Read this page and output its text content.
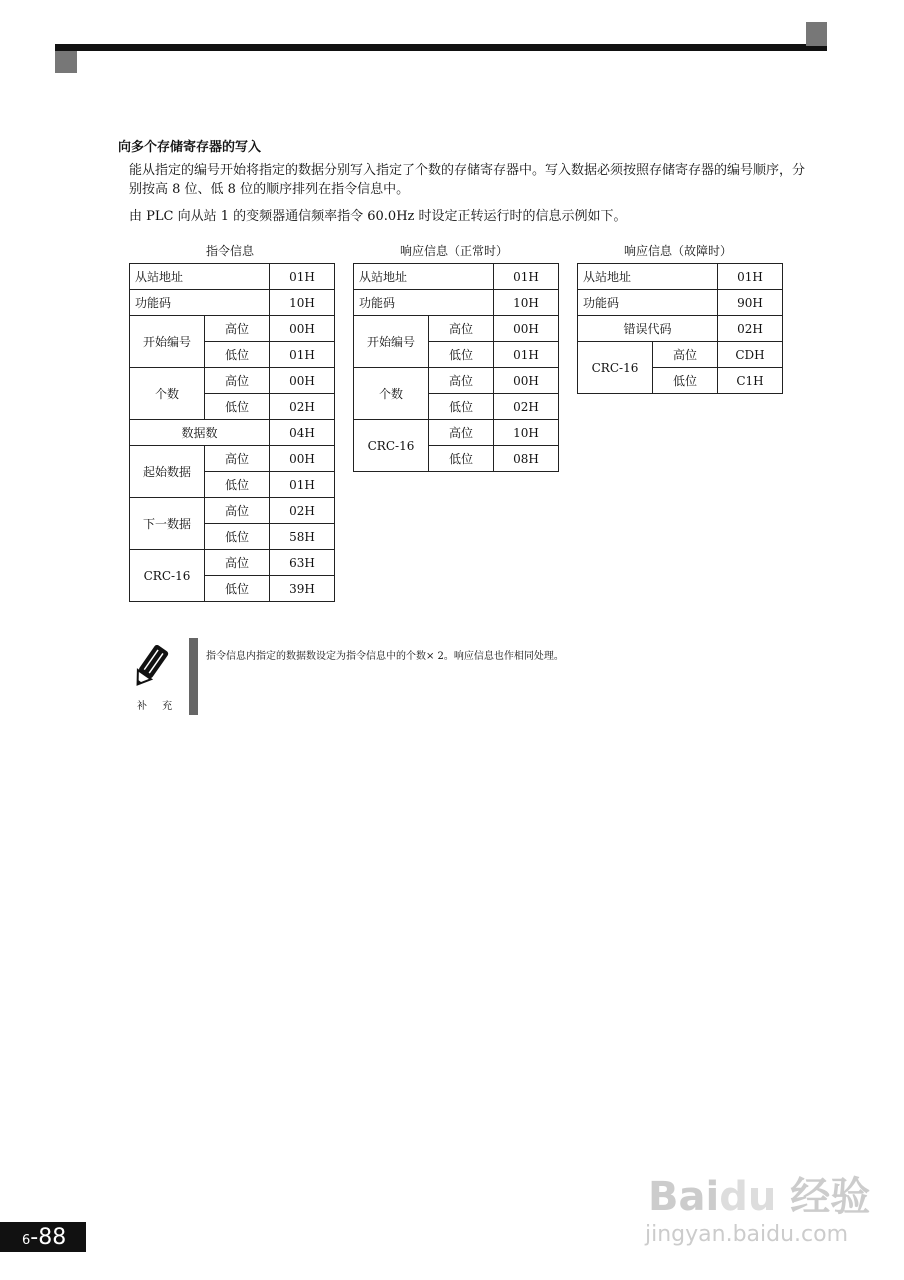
向多个存储寄存器的写入
能从指定的编号开始将指定的数据分别写入指定了个数的存储寄存器中。写入数据必须按照存储寄存器的编号顺序，分别按高 8 位、低 8 位的顺序排列在指令信息中。
由 PLC 向从站 1 的变频器通信频率指令 60.0Hz 时设定正转运行时的信息示例如下。
指令信息	响应信息（正常时）	响应信息（故障时）
从站地址		01H
功能码		10H
开始编号	高位	00H
	低位	01H
个数	高位	00H
	低位	02H
数据数		04H
起始数据	高位	00H
	低位	01H
下一数据	高位	02H
	低位	58H
CRC-16	高位	63H
	低位	39H
从站地址		01H
功能码		10H
开始编号	高位	00H
	低位	01H
个数	高位	00H
	低位	02H
CRC-16	高位	10H
	低位	08H
从站地址		01H
功能码		90H
错误代码		02H
CRC-16	高位	CDH
	低位	C1H
补 充
指令信息内指定的数据数设定为指令信息中的个数× 2。响应信息也作相同处理。
Baidu 经验
jingyan.baidu.com
6-88
